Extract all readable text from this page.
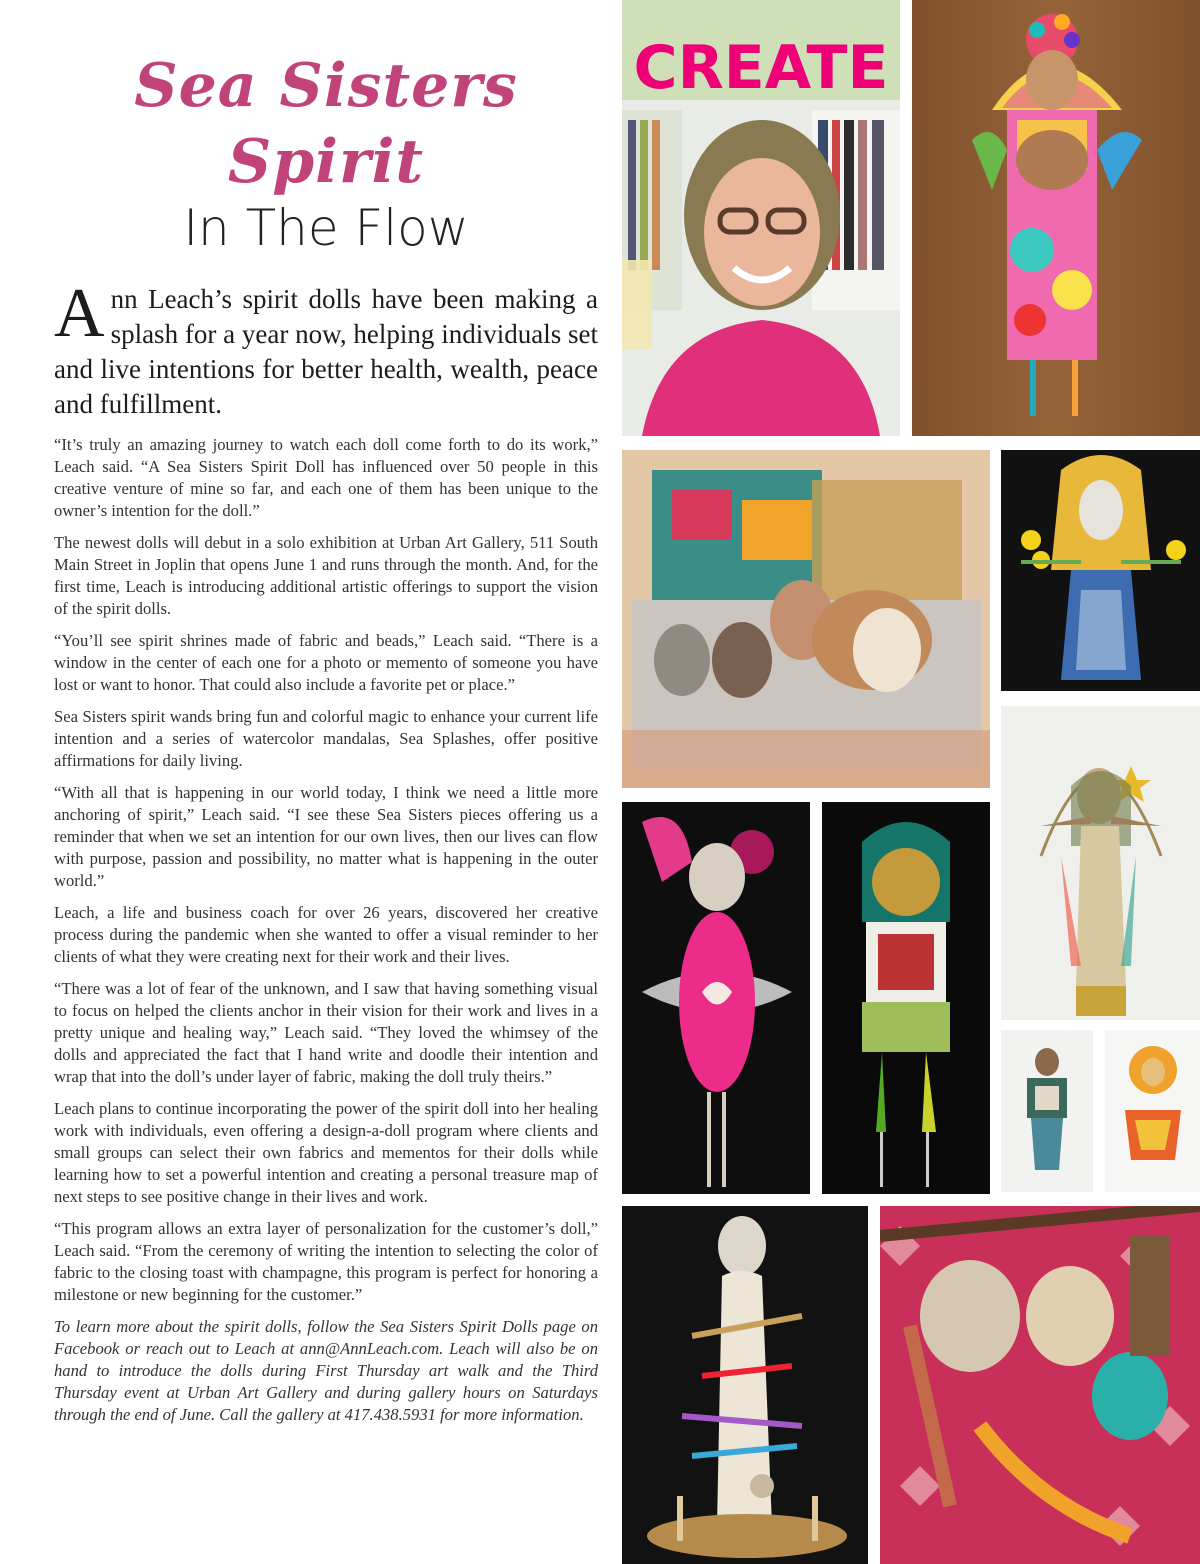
Sea Sisters Spirit
In The Flow

Ann Leach’s spirit dolls have been making a splash for a year now, helping individuals set and live intentions for better health, wealth, peace and fulfillment.

“It’s truly an amazing journey to watch each doll come forth to do its work,” Leach said. “A Sea Sisters Spirit Doll has influenced over 50 people in this creative venture of mine so far, and each one of them has been unique to the owner’s intention for the doll.”

The newest dolls will debut in a solo exhibition at Urban Art Gallery, 511 South Main Street in Joplin that opens June 1 and runs through the month. And, for the first time, Leach is introducing additional artistic offerings to support the vision of the spirit dolls.

“You’ll see spirit shrines made of fabric and beads,” Leach said. “There is a window in the center of each one for a photo or memento of someone you have lost or want to honor. That could also include a favorite pet or place.”

Sea Sisters spirit wands bring fun and colorful magic to enhance your current life intention and a series of watercolor mandalas, Sea Splashes, offer positive affirmations for daily living.

“With all that is happening in our world today, I think we need a little more anchoring of spirit,” Leach said. “I see these Sea Sisters pieces offering us a reminder that when we set an intention for our own lives, then our lives can flow with purpose, passion and possibility, no matter what is happening in the outer world.”

Leach, a life and business coach for over 26 years, discovered her creative process during the pandemic when she wanted to offer a visual reminder to her clients of what they were creating next for their work and their lives.

“There was a lot of fear of the unknown, and I saw that having something visual to focus on helped the clients anchor in their vision for their work and lives in a pretty unique and healing way,” Leach said. “They loved the whimsey of the dolls and appreciated the fact that I hand write and doodle their intention and wrap that into the doll’s under layer of fabric, making the doll truly theirs.”

Leach plans to continue incorporating the power of the spirit doll into her healing work with individuals, even offering a design-a-doll program where clients and small groups can select their own fabrics and mementos for their dolls while learning how to set a powerful intention and creating a personal treasure map of next steps to see positive change in their lives and work.

“This program allows an extra layer of personalization for the customer’s doll,” Leach said. “From the ceremony of writing the intention to selecting the color of fabric to the closing toast with champagne, this program is perfect for honoring a milestone or new beginning for the customer.”

To learn more about the spirit dolls, follow the Sea Sisters Spirit Dolls page on Facebook or reach out to Leach at ann@AnnLeach.com. Leach will also be on hand to introduce the dolls during First Thursday art walk and the Third Thursday event at Urban Art Gallery and during gallery hours on Saturdays through the end of June. Call the gallery at 417.438.5931 for more information.

CREATE
